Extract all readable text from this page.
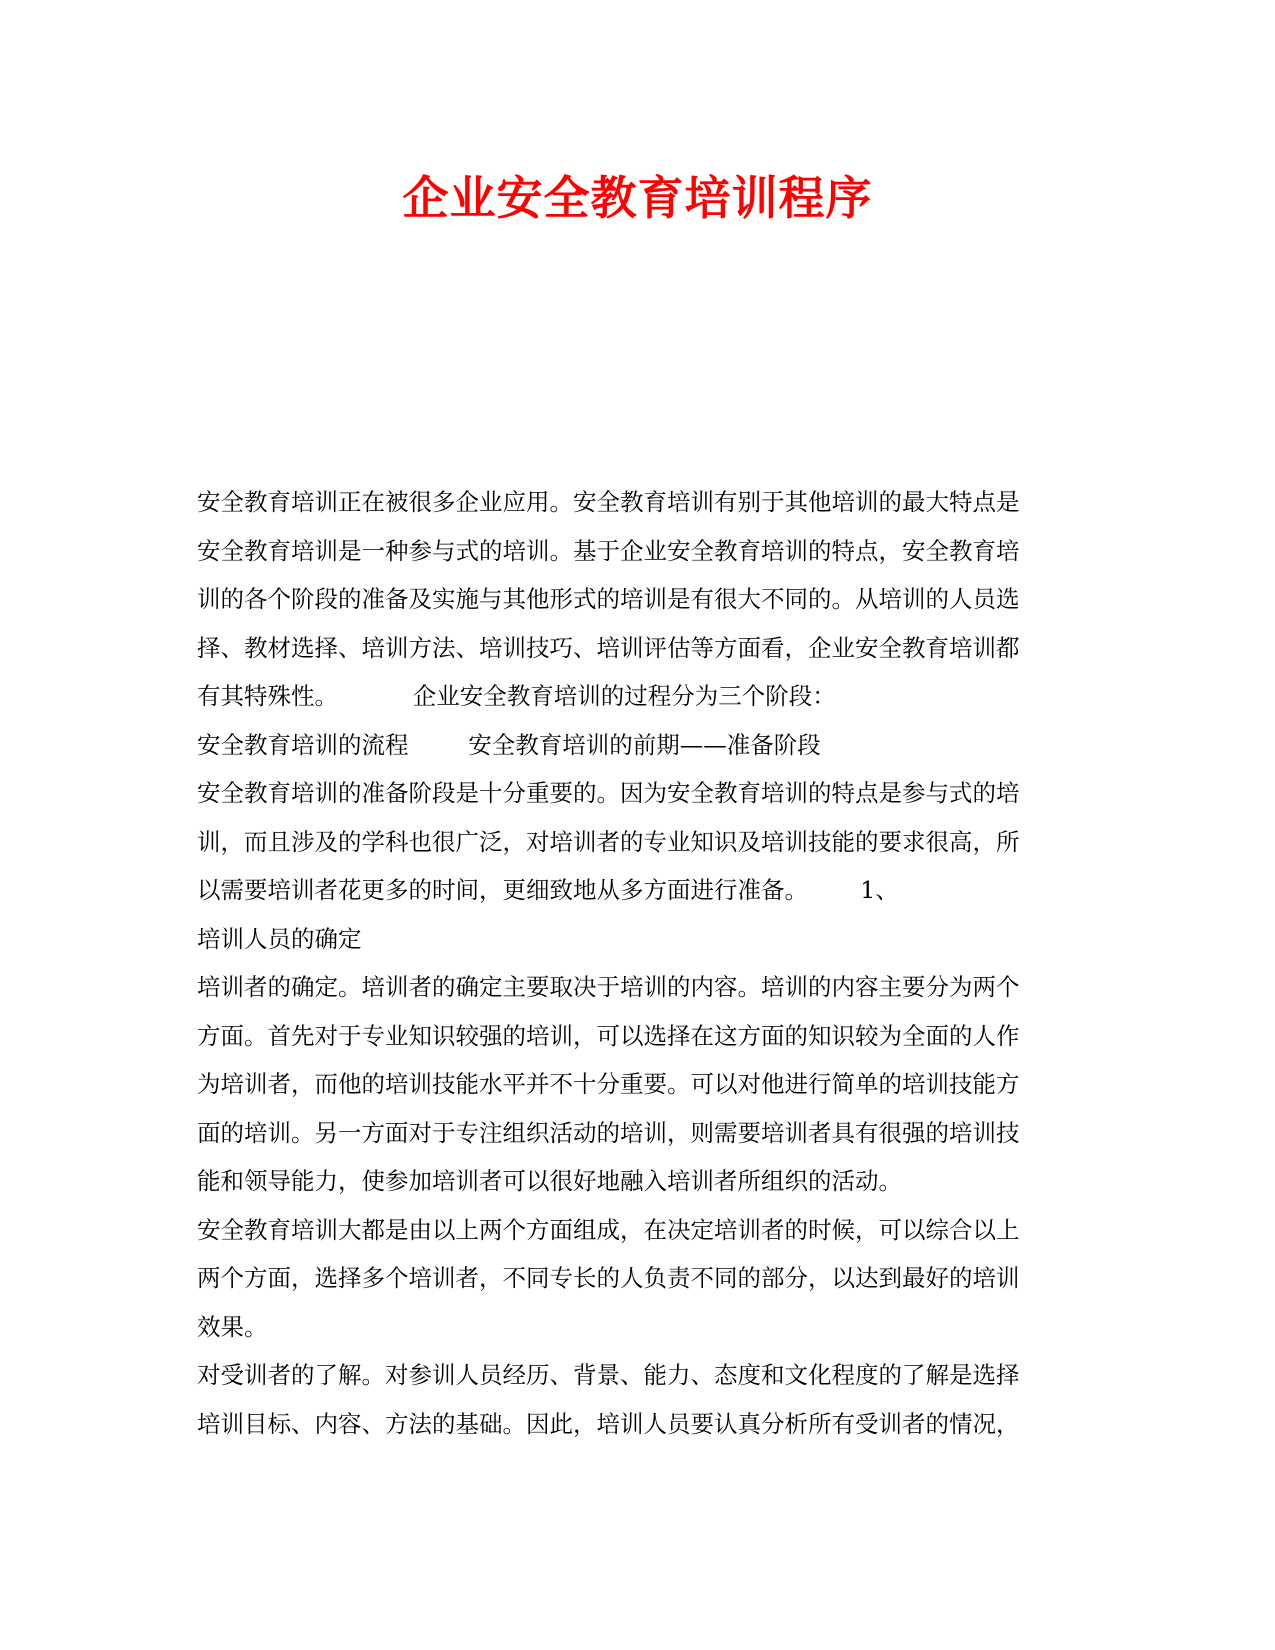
企业安全教育培训程序
安全教育培训正在被很多企业应用。安全教育培训有别于其他培训的最大特点是
安全教育培训是一种参与式的培训。基于企业安全教育培训的特点，安全教育培
训的各个阶段的准备及实施与其他形式的培训是有很大不同的。从培训的人员选
择、教材选择、培训方法、培训技巧、培训评估等方面看，企业安全教育培训都
有其特殊性。          企业安全教育培训的过程分为三个阶段：
安全教育培训的流程        安全教育培训的前期——准备阶段
安全教育培训的准备阶段是十分重要的。因为安全教育培训的特点是参与式的培
训，而且涉及的学科也很广泛，对培训者的专业知识及培训技能的要求很高，所
以需要培训者花更多的时间，更细致地从多方面进行准备。       1、
培训人员的确定
培训者的确定。培训者的确定主要取决于培训的内容。培训的内容主要分为两个
方面。首先对于专业知识较强的培训，可以选择在这方面的知识较为全面的人作
为培训者，而他的培训技能水平并不十分重要。可以对他进行简单的培训技能方
面的培训。另一方面对于专注组织活动的培训，则需要培训者具有很强的培训技
能和领导能力，使参加培训者可以很好地融入培训者所组织的活动。
安全教育培训大都是由以上两个方面组成，在决定培训者的时候，可以综合以上
两个方面，选择多个培训者，不同专长的人负责不同的部分，以达到最好的培训
效果。
对受训者的了解。对参训人员经历、背景、能力、态度和文化程度的了解是选择
培训目标、内容、方法的基础。因此，培训人员要认真分析所有受训者的情况，
